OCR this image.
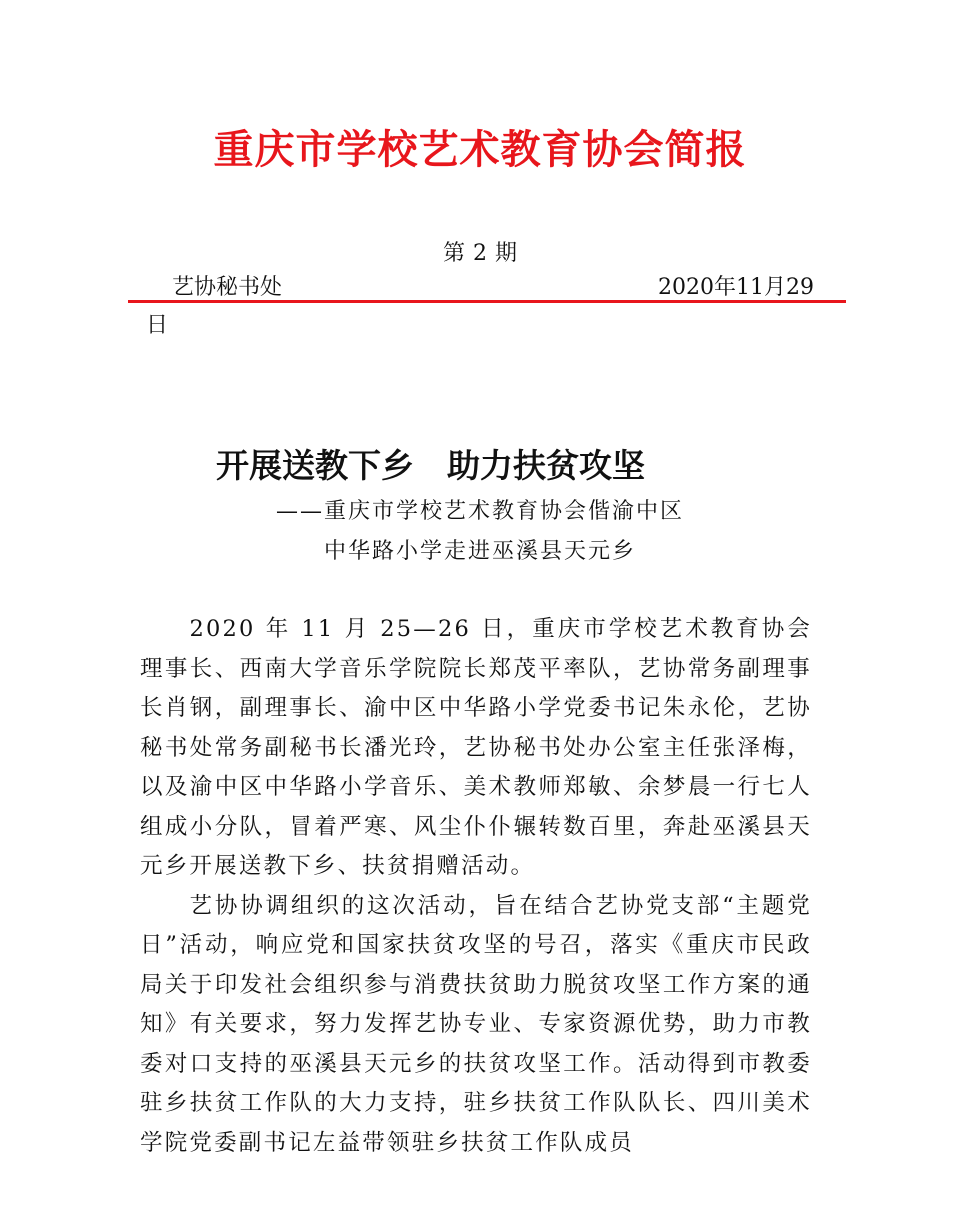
重庆市学校艺术教育协会简报
第 2 期
艺协秘书处	2020年11月29
日
开展送教下乡　助力扶贫攻坚
——重庆市学校艺术教育协会偕渝中区
中华路小学走进巫溪县天元乡

2020 年 11 月 25—26 日，重庆市学校艺术教育协会理事长、西南大学音乐学院院长郑茂平率队，艺协常务副理事长肖钢，副理事长、渝中区中华路小学党委书记朱永伦，艺协秘书处常务副秘书长潘光玲，艺协秘书处办公室主任张泽梅，以及渝中区中华路小学音乐、美术教师郑敏、余梦晨一行七人组成小分队，冒着严寒、风尘仆仆辗转数百里，奔赴巫溪县天元乡开展送教下乡、扶贫捐赠活动。

艺协协调组织的这次活动，旨在结合艺协党支部“主题党日”活动，响应党和国家扶贫攻坚的号召，落实《重庆市民政局关于印发社会组织参与消费扶贫助力脱贫攻坚工作方案的通知》有关要求，努力发挥艺协专业、专家资源优势，助力市教委对口支持的巫溪县天元乡的扶贫攻坚工作。活动得到市教委驻乡扶贫工作队的大力支持，驻乡扶贫工作队队长、四川美术学院党委副书记左益带领驻乡扶贫工作队成员
